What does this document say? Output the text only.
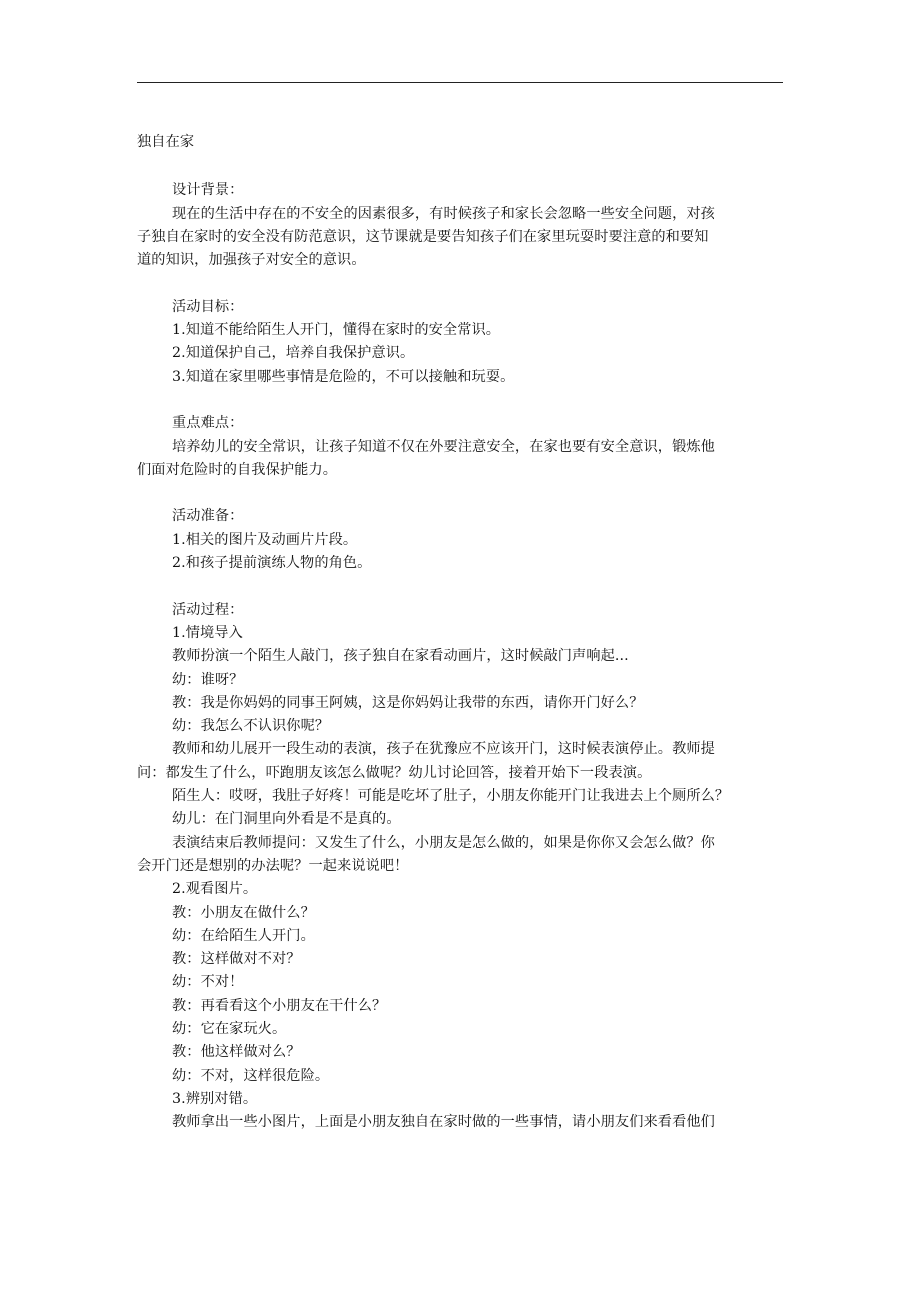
独自在家
设计背景：
现在的生活中存在的不安全的因素很多，有时候孩子和家长会忽略一些安全问题，对孩
子独自在家时的安全没有防范意识，这节课就是要告知孩子们在家里玩耍时要注意的和要知
道的知识，加强孩子对安全的意识。
活动目标：
1.知道不能给陌生人开门，懂得在家时的安全常识。
2.知道保护自己，培养自我保护意识。
3.知道在家里哪些事情是危险的，不可以接触和玩耍。
重点难点：
培养幼儿的安全常识，让孩子知道不仅在外要注意安全，在家也要有安全意识，锻炼他
们面对危险时的自我保护能力。
活动准备：
1.相关的图片及动画片片段。
2.和孩子提前演练人物的角色。
活动过程：
1.情境导入
教师扮演一个陌生人敲门，孩子独自在家看动画片，这时候敲门声响起...
幼：谁呀？
教：我是你妈妈的同事王阿姨，这是你妈妈让我带的东西，请你开门好么？
幼：我怎么不认识你呢？
教师和幼儿展开一段生动的表演，孩子在犹豫应不应该开门，这时候表演停止。教师提
问：都发生了什么，吓跑朋友该怎么做呢？幼儿讨论回答，接着开始下一段表演。
陌生人：哎呀，我肚子好疼！可能是吃坏了肚子，小朋友你能开门让我进去上个厕所么？
幼儿：在门洞里向外看是不是真的。
表演结束后教师提问：又发生了什么，小朋友是怎么做的，如果是你你又会怎么做？你
会开门还是想别的办法呢？一起来说说吧！
2.观看图片。
教：小朋友在做什么？
幼：在给陌生人开门。
教：这样做对不对？
幼：不对！
教：再看看这个小朋友在干什么？
幼：它在家玩火。
教：他这样做对么？
幼：不对，这样很危险。
3.辨别对错。
教师拿出一些小图片，上面是小朋友独自在家时做的一些事情，请小朋友们来看看他们
